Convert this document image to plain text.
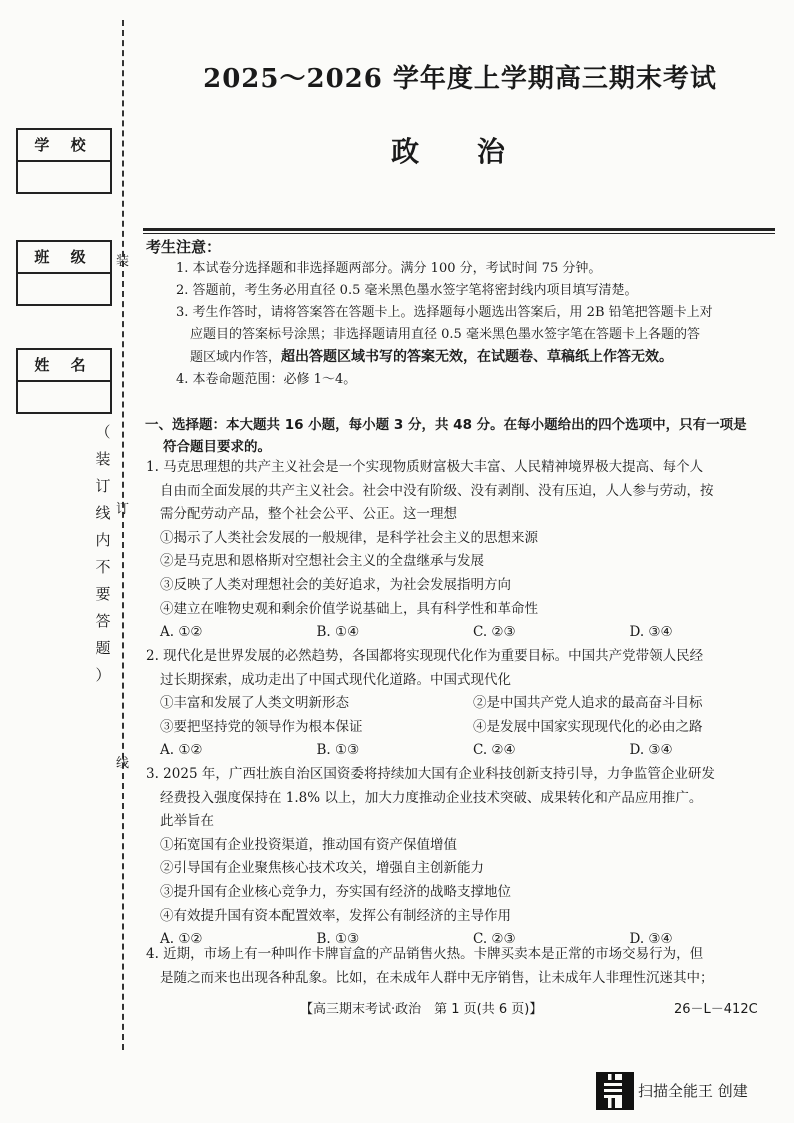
学 校
班 级
姓 名
（
装
订
线
内
不
要
答
题
）
装
订
线
2025～2026 学年度上学期高三期末考试
政 治
考生注意：

1. 本试卷分选择题和非选择题两部分。满分 100 分，考试时间 75 分钟。

2. 答题前，考生务必用直径 0.5 毫米黑色墨水签字笔将密封线内项目填写清楚。

3. 考生作答时，请将答案答在答题卡上。选择题每小题选出答案后，用 2B 铅笔把答题卡上对

应题目的答案标号涂黑；非选择题请用直径 0.5 毫米黑色墨水签字笔在答题卡上各题的答

题区域内作答，超出答题区域书写的答案无效，在试题卷、草稿纸上作答无效。

4. 本卷命题范围：必修 1～4。

一、选择题：本大题共 16 小题，每小题 3 分，共 48 分。在每小题给出的四个选项中，只有一项是
符合题目要求的。

1. 马克思理想的共产主义社会是一个实现物质财富极大丰富、人民精神境界极大提高、每个人

自由而全面发展的共产主义社会。社会中没有阶级、没有剥削、没有压迫，人人参与劳动，按

需分配劳动产品，整个社会公平、公正。这一理想

①揭示了人类社会发展的一般规律，是科学社会主义的思想来源

②是马克思和恩格斯对空想社会主义的全盘继承与发展

③反映了人类对理想社会的美好追求，为社会发展指明方向

④建立在唯物史观和剩余价值学说基础上，具有科学性和革命性

A. ①②	B. ①④	C. ②③	D. ③④

2. 现代化是世界发展的必然趋势，各国都将实现现代化作为重要目标。中国共产党带领人民经

过长期探索，成功走出了中国式现代化道路。中国式现代化

①丰富和发展了人类文明新形态	②是中国共产党人追求的最高奋斗目标
③要把坚持党的领导作为根本保证	④是发展中国家实现现代化的必由之路
A. ①②	B. ①③	C. ②④	D. ③④

3. 2025 年，广西壮族自治区国资委将持续加大国有企业科技创新支持引导，力争监管企业研发

经费投入强度保持在 1.8% 以上，加大力度推动企业技术突破、成果转化和产品应用推广。

此举旨在

①拓宽国有企业投资渠道，推动国有资产保值增值

②引导国有企业聚焦核心技术攻关，增强自主创新能力

③提升国有企业核心竞争力，夯实国有经济的战略支撑地位

④有效提升国有资本配置效率，发挥公有制经济的主导作用

A. ①②	B. ①③	C. ②③	D. ③④

4. 近期，市场上有一种叫作卡牌盲盒的产品销售火热。卡牌买卖本是正常的市场交易行为，但

是随之而来也出现各种乱象。比如，在未成年人群中无序销售，让未成年人非理性沉迷其中；

【高三期末考试·政治　第 1 页(共 6 页)】	26－L－412C
扫描全能王 创建
